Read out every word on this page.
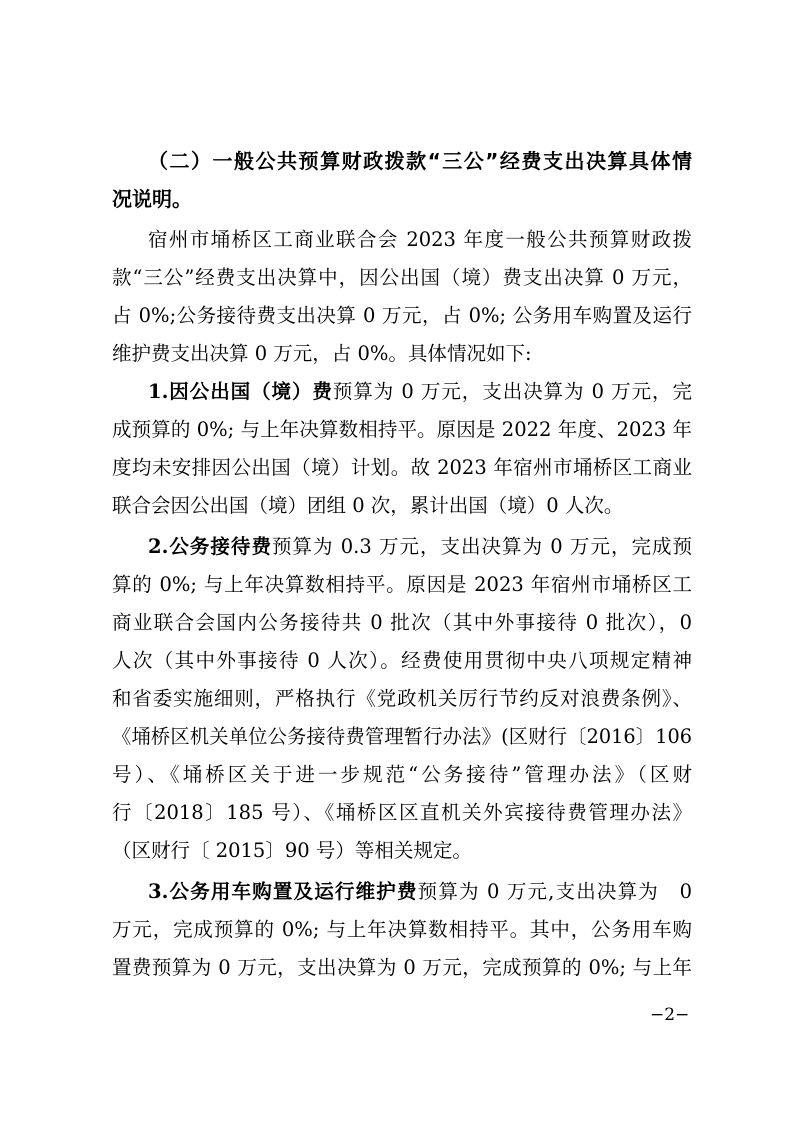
（二）一般公共预算财政拨款“三公”经费支出决算具体情
况说明。
宿州市埇桥区工商业联合会 2023 年度一般公共预算财政拨
款“三公”经费支出决算中，因公出国（境）费支出决算 0 万元，
占 0%;公务接待费支出决算 0 万元，占 0%; 公务用车购置及运行
维护费支出决算 0 万元，占 0%。具体情况如下:
1.因公出国（境）费预算为 0 万元，支出决算为 0 万元，完
成预算的 0%; 与上年决算数相持平。原因是 2022 年度、2023 年
度均未安排因公出国（境）计划。故 2023 年宿州市埇桥区工商业
联合会因公出国（境）团组 0 次，累计出国（境）0 人次。
2.公务接待费预算为 0.3 万元，支出决算为 0 万元，完成预
算的 0%; 与上年决算数相持平。原因是 2023 年宿州市埇桥区工
商业联合会国内公务接待共 0 批次（其中外事接待 0 批次），0
人次（其中外事接待 0 人次）。经费使用贯彻中央八项规定精神
和省委实施细则，严格执行《党政机关厉行节约反对浪费条例》、
《埇桥区机关单位公务接待费管理暂行办法》(区财行〔2016〕106
号）、《埇桥区关于进一步规范“公务接待”管理办法》（区财
行〔2018〕185 号）、《埇桥区区直机关外宾接待费管理办法》
（区财行〔 2015〕90 号）等相关规定。
3.公务用车购置及运行维护费预算为 0 万元,支出决算为　0
万元，完成预算的 0%; 与上年决算数相持平。其中，公务用车购
置费预算为 0 万元，支出决算为 0 万元，完成预算的 0%; 与上年
−2−
